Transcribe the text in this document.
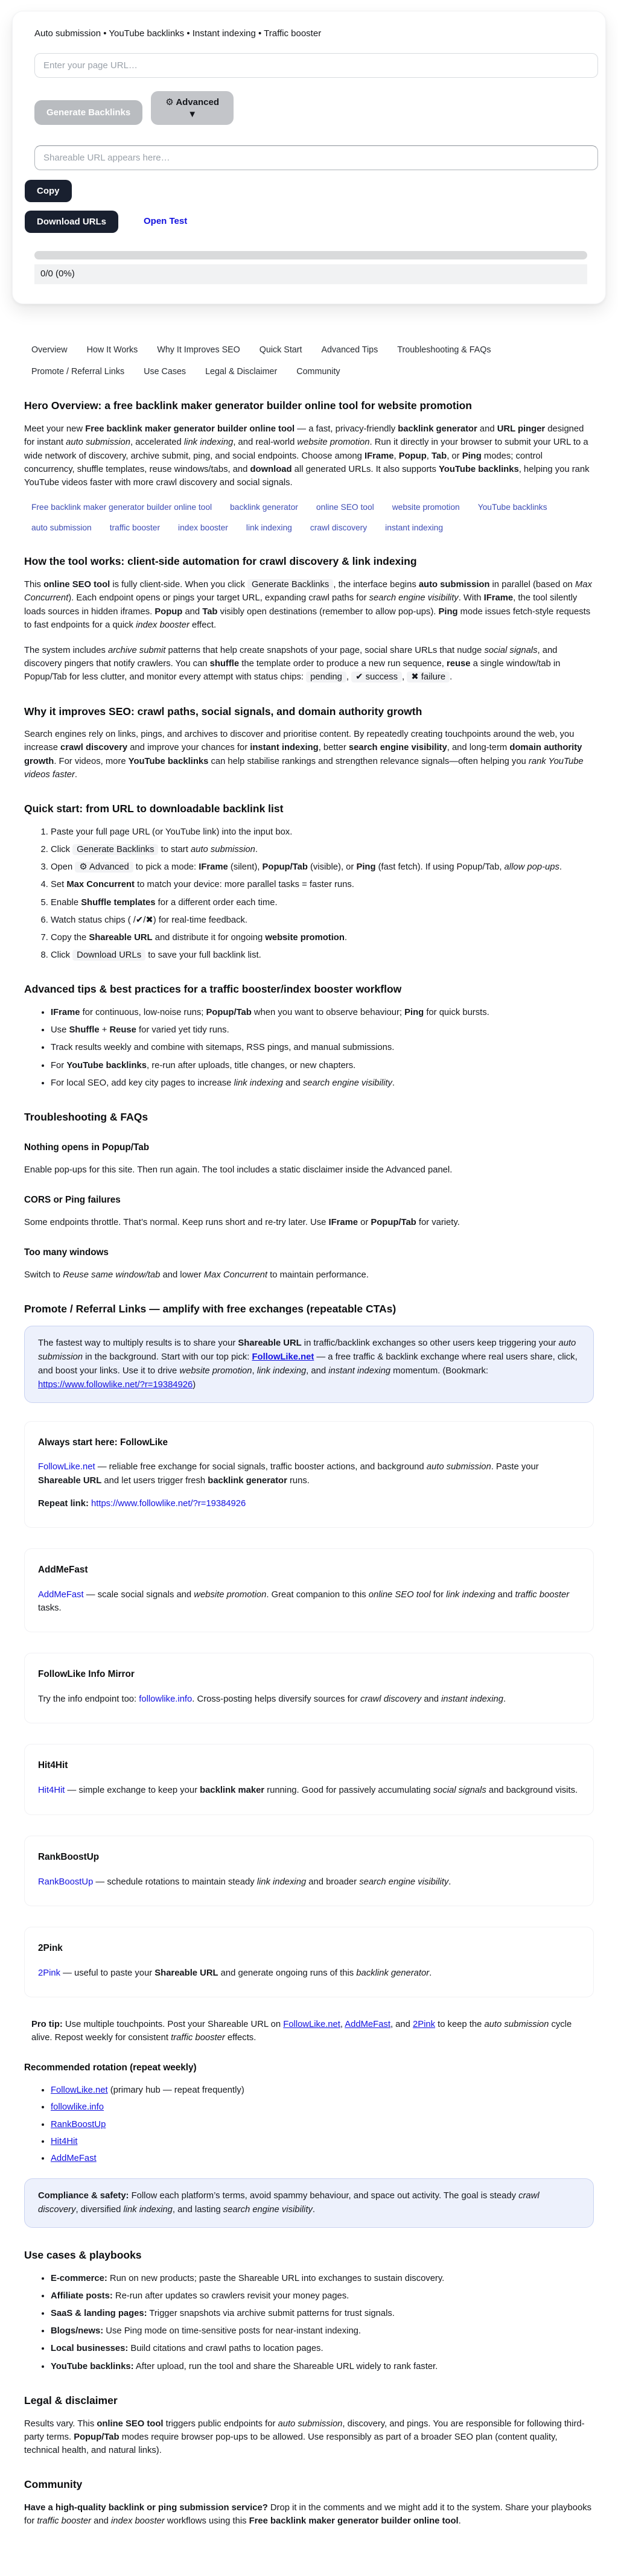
Auto submission • YouTube backlinks • Instant indexing • Traffic booster
Enter your page URL…
Generate Backlinks
⚙ Advanced
▼
Shareable URL appears here…
Copy
Download URLs	Open Test
0/0 (0%)
Overview How It Works Why It Improves SEO Quick Start Advanced Tips Troubleshooting & FAQs
Promote / Referral Links Use Cases Legal & Disclaimer Community
Hero Overview: a free backlink maker generator builder online tool for website promotion

Meet your new Free backlink maker generator builder online tool — a fast, privacy-friendly backlink generator and URL pinger designed for instant auto submission, accelerated link indexing, and real-world website promotion. Run it directly in your browser to submit your URL to a wide network of discovery, archive submit, ping, and social endpoints. Choose among IFrame, Popup, Tab, or Ping modes; control concurrency, shuffle templates, reuse windows/tabs, and download all generated URLs. It also supports YouTube backlinks, helping you rank YouTube videos faster with more crawl discovery and social signals.

Free backlink maker generator builder online tool backlink generator online SEO tool website promotion YouTube backlinks
auto submission traffic booster index booster link indexing crawl discovery instant indexing
How the tool works: client-side automation for crawl discovery & link indexing

This online SEO tool is fully client-side. When you click Generate Backlinks , the interface begins auto submission in parallel (based on Max Concurrent). Each endpoint opens or pings your target URL, expanding crawl paths for search engine visibility. With IFrame, the tool silently loads sources in hidden iframes. Popup and Tab visibly open destinations (remember to allow pop-ups). Ping mode issues fetch-style requests to fast endpoints for a quick index booster effect.

The system includes archive submit patterns that help create snapshots of your page, social share URLs that nudge social signals, and discovery pingers that notify crawlers. You can shuffle the template order to produce a new run sequence, reuse a single window/tab in Popup/Tab for less clutter, and monitor every attempt with status chips: pending , ✔ success , ✖ failure .

Why it improves SEO: crawl paths, social signals, and domain authority growth

Search engines rely on links, pings, and archives to discover and prioritise content. By repeatedly creating touchpoints around the web, you increase crawl discovery and improve your chances for instant indexing, better search engine visibility, and long-term domain authority growth. For videos, more YouTube backlinks can help stabilise rankings and strengthen relevance signals—often helping you rank YouTube videos faster.

Quick start: from URL to downloadable backlink list
1. Paste your full page URL (or YouTube link) into the input box.
2. Click Generate Backlinks to start auto submission.
3. Open ⚙ Advanced to pick a mode: IFrame (silent), Popup/Tab (visible), or Ping (fast fetch). If using Popup/Tab, allow pop-ups.
4. Set Max Concurrent to match your device: more parallel tasks = faster runs.
5. Enable Shuffle templates for a different order each time.
6. Watch status chips ( /✔/✖) for real-time feedback.
7. Copy the Shareable URL and distribute it for ongoing website promotion.
8. Click Download URLs to save your full backlink list.
Advanced tips & best practices for a traffic booster/index booster workflow
• IFrame for continuous, low-noise runs; Popup/Tab when you want to observe behaviour; Ping for quick bursts.
• Use Shuffle + Reuse for varied yet tidy runs.
• Track results weekly and combine with sitemaps, RSS pings, and manual submissions.
• For YouTube backlinks, re-run after uploads, title changes, or new chapters.
• For local SEO, add key city pages to increase link indexing and search engine visibility.
Troubleshooting & FAQs
Nothing opens in Popup/Tab

Enable pop-ups for this site. Then run again. The tool includes a static disclaimer inside the Advanced panel.

CORS or Ping failures

Some endpoints throttle. That’s normal. Keep runs short and re-try later. Use IFrame or Popup/Tab for variety.

Too many windows

Switch to Reuse same window/tab and lower Max Concurrent to maintain performance.

Promote / Referral Links — amplify with free exchanges (repeatable CTAs)
The fastest way to multiply results is to share your Shareable URL in traffic/backlink exchanges so other users keep triggering your auto submission in the background. Start with our top pick: FollowLike.net — a free traffic & backlink exchange where real users share, click, and boost your links. Use it to drive website promotion, link indexing, and instant indexing momentum. (Bookmark: https://www.followlike.net/?r=19384926)
Always start here: FollowLike

FollowLike.net — reliable free exchange for social signals, traffic booster actions, and background auto submission. Paste your Shareable URL and let users trigger fresh backlink generator runs.

Repeat link: https://www.followlike.net/?r=19384926

AddMeFast

AddMeFast — scale social signals and website promotion. Great companion to this online SEO tool for link indexing and traffic booster tasks.

FollowLike Info Mirror

Try the info endpoint too: followlike.info. Cross-posting helps diversify sources for crawl discovery and instant indexing.

Hit4Hit

Hit4Hit — simple exchange to keep your backlink maker running. Good for passively accumulating social signals and background visits.

RankBoostUp

RankBoostUp — schedule rotations to maintain steady link indexing and broader search engine visibility.

2Pink

2Pink — useful to paste your Shareable URL and generate ongoing runs of this backlink generator.

Pro tip: Use multiple touchpoints. Post your Shareable URL on FollowLike.net, AddMeFast, and 2Pink to keep the auto submission cycle alive. Repost weekly for consistent traffic booster effects.

Recommended rotation (repeat weekly)
• FollowLike.net (primary hub — repeat frequently)
• followlike.info
• RankBoostUp
• Hit4Hit
• AddMeFast
Compliance & safety: Follow each platform’s terms, avoid spammy behaviour, and space out activity. The goal is steady crawl discovery, diversified link indexing, and lasting search engine visibility.
Use cases & playbooks
• E-commerce: Run on new products; paste the Shareable URL into exchanges to sustain discovery.
• Affiliate posts: Re-run after updates so crawlers revisit your money pages.
• SaaS & landing pages: Trigger snapshots via archive submit patterns for trust signals.
• Blogs/news: Use Ping mode on time-sensitive posts for near-instant indexing.
• Local businesses: Build citations and crawl paths to location pages.
• YouTube backlinks: After upload, run the tool and share the Shareable URL widely to rank faster.
Legal & disclaimer

Results vary. This online SEO tool triggers public endpoints for auto submission, discovery, and pings. You are responsible for following third-party terms. Popup/Tab modes require browser pop-ups to be allowed. Use responsibly as part of a broader SEO plan (content quality, technical health, and natural links).

Community

Have a high-quality backlink or ping submission service? Drop it in the comments and we might add it to the system. Share your playbooks for traffic booster and index booster workflows using this Free backlink maker generator builder online tool.
